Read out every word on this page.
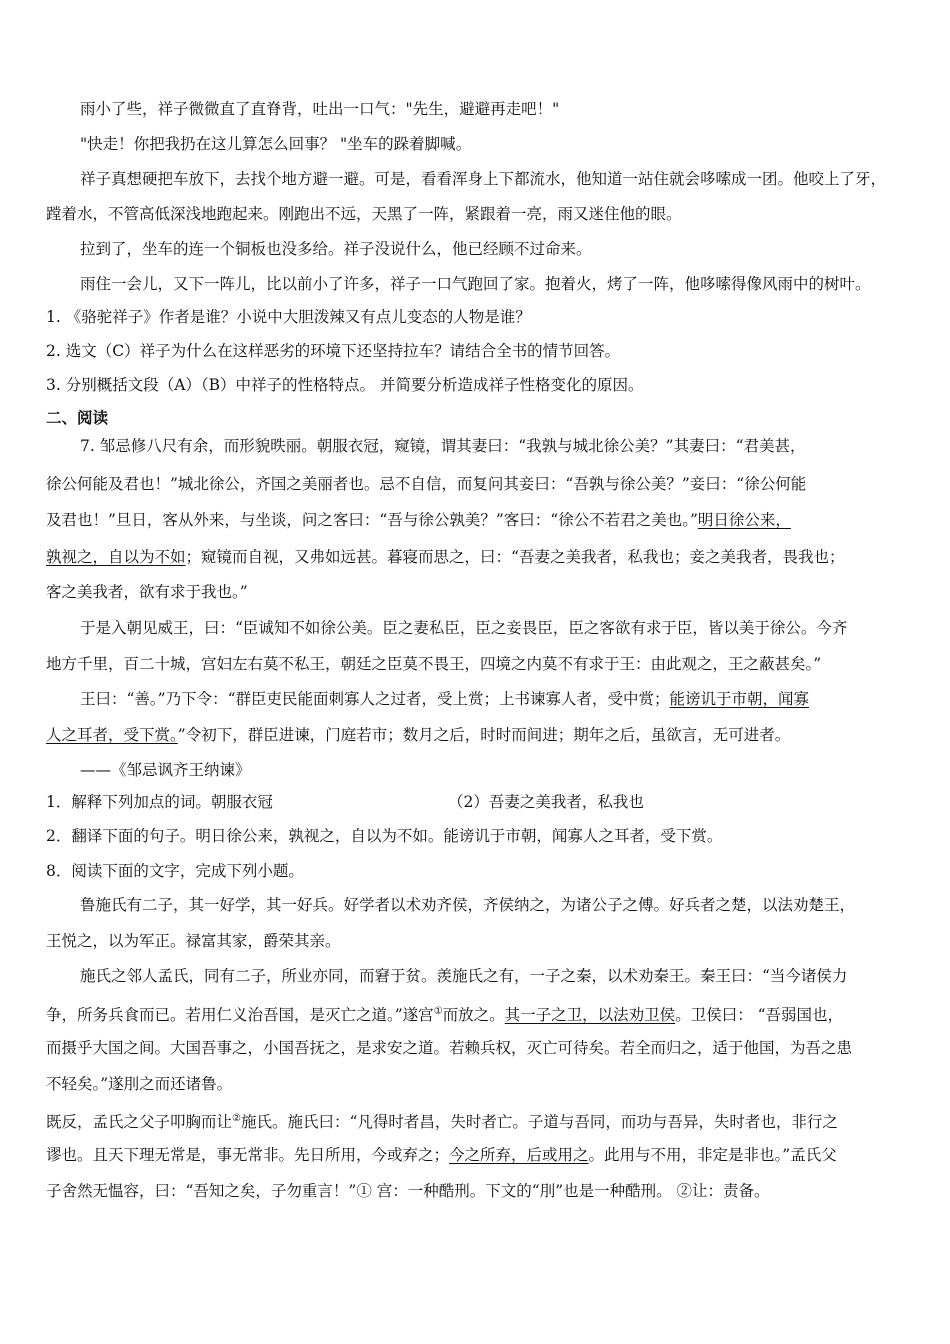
雨小了些，祥子微微直了直脊背，吐出一口气："先生，避避再走吧！"
"快走！你把我扔在这儿算怎么回事？ "坐车的跺着脚喊。
祥子真想硬把车放下，去找个地方避一避。可是，看看浑身上下都流水，他知道一站住就会哆嗦成一团。他咬上了牙，
蹚着水，不管高低深浅地跑起来。刚跑出不远，天黑了一阵，紧跟着一亮，雨又迷住他的眼。
拉到了，坐车的连一个铜板也没多给。祥子没说什么，他已经顾不过命来。
雨住一会儿，又下一阵儿，比以前小了许多，祥子一口气跑回了家。抱着火，烤了一阵，他哆嗦得像风雨中的树叶。
1. 《骆驼祥子》作者是谁？小说中大胆泼辣又有点儿变态的人物是谁？
2. 选文（C）祥子为什么在这样恶劣的环境下还坚持拉车？请结合全书的情节回答。
3. 分别概括文段（A）（B）中祥子的性格特点。 并简要分析造成祥子性格变化的原因。
二、阅读
7. 邹忌修八尺有余，而形貌昳丽。朝服衣冠，窥镜，谓其妻曰：“我孰与城北徐公美？”其妻曰：“君美甚，
徐公何能及君也！”城北徐公，齐国之美丽者也。忌不自信，而复问其妾曰：“吾孰与徐公美？”妾曰：“徐公何能
及君也！”旦日，客从外来，与坐谈，问之客曰：“吾与徐公孰美？”客曰：“徐公不若君之美也。”明日徐公来，
孰视之，自以为不如；窥镜而自视，又弗如远甚。暮寝而思之，曰：“吾妻之美我者，私我也；妾之美我者，畏我也；
客之美我者，欲有求于我也。”
于是入朝见威王，曰：“臣诚知不如徐公美。臣之妻私臣，臣之妾畏臣，臣之客欲有求于臣，皆以美于徐公。今齐
地方千里，百二十城，宫妇左右莫不私王，朝廷之臣莫不畏王，四境之内莫不有求于王：由此观之，王之蔽甚矣。”
王曰：“善。”乃下令：“群臣吏民能面刺寡人之过者，受上赏；上书谏寡人者，受中赏；能谤讥于市朝，闻寡
人之耳者，受下赏。”令初下，群臣进谏，门庭若市；数月之后，时时而间进；期年之后，虽欲言，无可进者。
——《邹忌讽齐王纳谏》
1．解释下列加点的词。朝服衣冠	（2）吾妻之美我者，私我也
2．翻译下面的句子。明日徐公来，孰视之，自以为不如。能谤讥于市朝，闻寡人之耳者，受下赏。
8．阅读下面的文字，完成下列小题。
鲁施氏有二子，其一好学，其一好兵。好学者以术劝齐侯，齐侯纳之，为诸公子之傅。好兵者之楚，以法劝楚王，
王悦之，以为军正。禄富其家，爵荣其亲。
施氏之邻人孟氏，同有二子，所业亦同，而窘于贫。羡施氏之有，一子之秦，以术劝秦王。秦王曰：“当今诸侯力
争，所务兵食而已。若用仁义治吾国，是灭亡之道。”遂宫①而放之。其一子之卫，以法劝卫侯。卫侯曰： “吾弱国也，
而摄乎大国之间。大国吾事之，小国吾抚之，是求安之道。若赖兵权，灭亡可待矣。若全而归之，适于他国，为吾之患
不轻矣。”遂刖之而还诸鲁。
既反，孟氏之父子叩胸而让②施氏。施氏曰：“凡得时者昌，失时者亡。子道与吾同，而功与吾异，失时者也，非行之
谬也。且天下理无常是，事无常非。先日所用，今或弃之；今之所弃，后或用之。此用与不用，非定是非也。”孟氏父
子舍然无愠容，曰：“吾知之矣，子勿重言！”① 宫：一种酷刑。下文的“刖”也是一种酷刑。 ②让：责备。
